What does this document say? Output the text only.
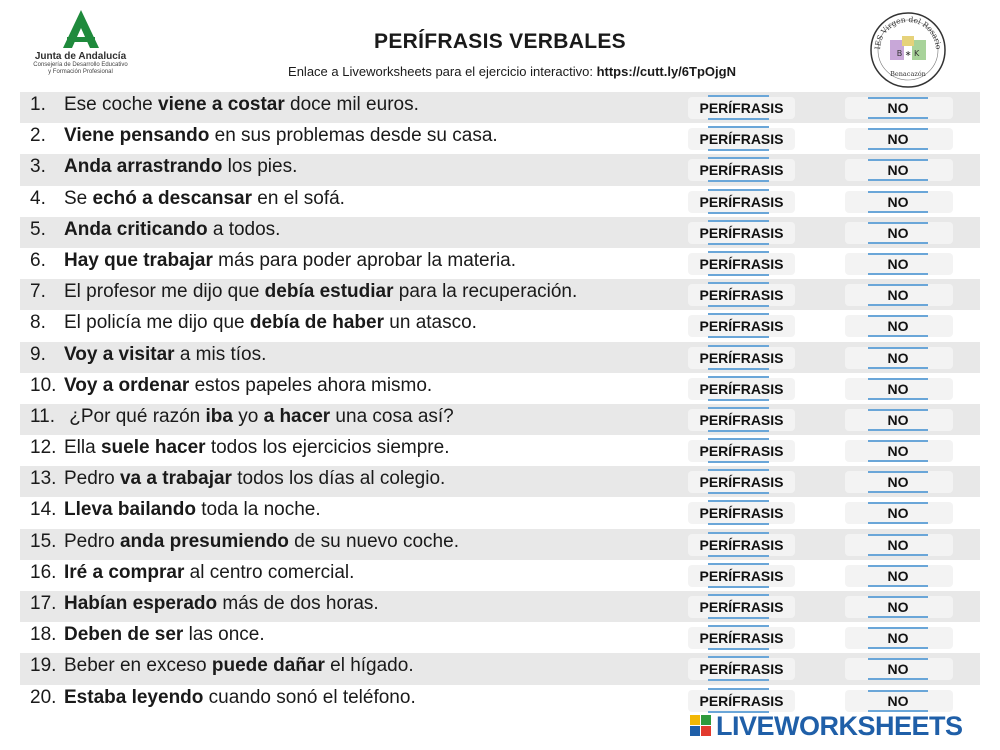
Junta de Andalucía
Consejería de Desarrollo Educativo
y Formación Profesional
PERÍFRASIS VERBALES
Enlace a Liveworksheets para el ejercicio interactivo: https://cutt.ly/6TpOjgN
B ∗ K
IES Virgen del Rosario
Benacazón
1. Ese coche viene a costar doce mil euros.	PERÍFRASIS	NO
2. Viene pensando en sus problemas desde su casa.	PERÍFRASIS	NO
3. Anda arrastrando los pies.	PERÍFRASIS	NO
4. Se echó a descansar en el sofá.	PERÍFRASIS	NO
5. Anda criticando a todos.	PERÍFRASIS	NO
6. Hay que trabajar más para poder aprobar la materia.	PERÍFRASIS	NO
7. El profesor me dijo que debía estudiar para la recuperación.	PERÍFRASIS	NO
8. El policía me dijo que debía de haber un atasco.	PERÍFRASIS	NO
9. Voy a visitar a mis tíos.	PERÍFRASIS	NO
10. Voy a ordenar estos papeles ahora mismo.	PERÍFRASIS	NO
11. ¿Por qué razón iba yo a hacer una cosa así?	PERÍFRASIS	NO
12. Ella suele hacer todos los ejercicios siempre.	PERÍFRASIS	NO
13. Pedro va a trabajar todos los días al colegio.	PERÍFRASIS	NO
14. Lleva bailando toda la noche.	PERÍFRASIS	NO
15. Pedro anda presumiendo de su nuevo coche.	PERÍFRASIS	NO
16. Iré a comprar al centro comercial.	PERÍFRASIS	NO
17. Habían esperado más de dos horas.	PERÍFRASIS	NO
18. Deben de ser las once.	PERÍFRASIS	NO
19. Beber en exceso puede dañar el hígado.	PERÍFRASIS	NO
20. Estaba leyendo cuando sonó el teléfono.	PERÍFRASIS	NO
LIVEWORKSHEETS
